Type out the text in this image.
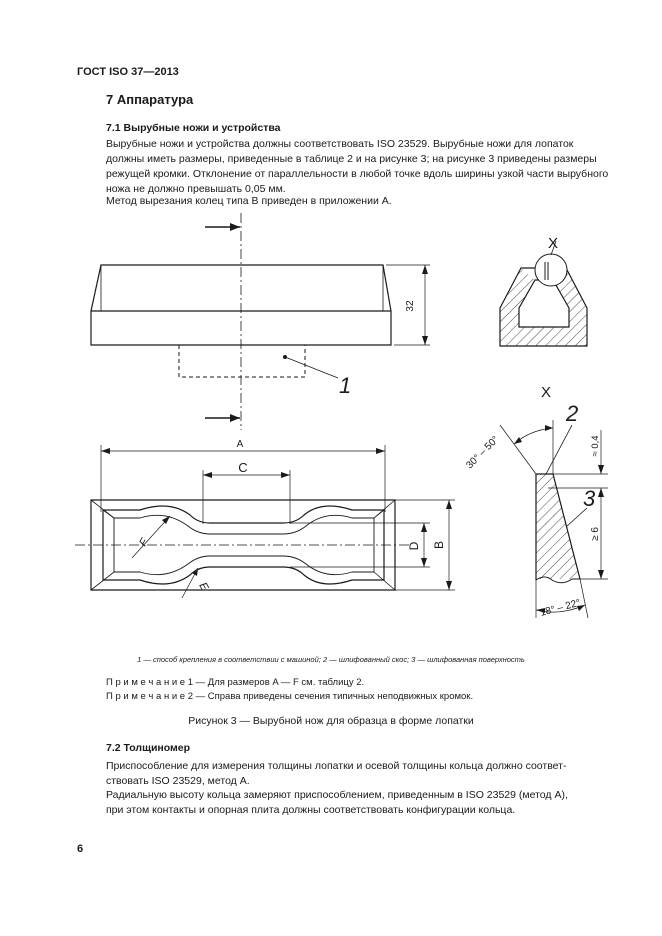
ГОСТ ISO 37—2013
7 Аппаратура
7.1 Вырубные ножи и устройства
Вырубные ножи и устройства должны соответствовать ISO 23529. Вырубные ножи для лопаток
должны иметь размеры, приведенные в таблице 2 и на рисунке 3; на рисунке 3 приведены размеры
режущей кромки. Отклонение от параллельности в любой точке вдоль ширины узкой части вырубного
ножа не должно превышать 0,05 мм.
Метод вырезания колец типа B приведен в приложении A.
32
1
X
A
C
B
D
F
E
X
2
3
30° – 50°
18° – 22°
≈ 0,4
≥ 6
1 — способ крепления в соответствии с машиной; 2 — шлифованный скос; 3 — шлифованная поверхность
П р и м е ч а н и е 1 — Для размеров A — F см. таблицу 2.
П р и м е ч а н и е 2 — Справа приведены сечения типичных неподвижных кромок.
Рисунок 3 — Вырубной нож для образца в форме лопатки
7.2 Толщиномер
Приспособление для измерения толщины лопатки и осевой толщины кольца должно соответ-
ствовать ISO 23529, метод A.
Радиальную высоту кольца замеряют приспособлением, приведенным в ISO 23529 (метод A),
при этом контакты и опорная плита должны соответствовать конфигурации кольца.
6
